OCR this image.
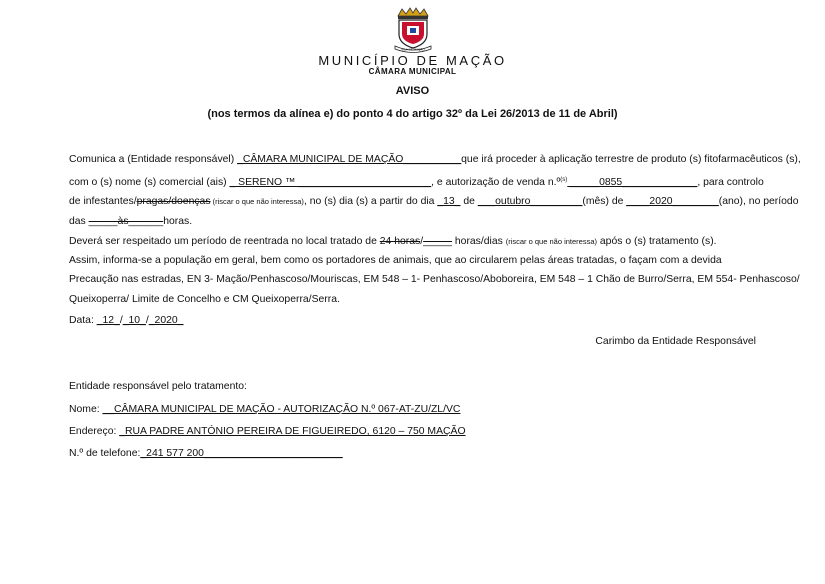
VILA DE MAÇÃO
MUNICÍPIO DE MAÇÃO
CÂMARA MUNICIPAL
AVISO
(nos termos da alínea e) do ponto 4 do artigo 32º da Lei 26/2013 de 11 de Abril)
Comunica a (Entidade responsável) _CÂMARA MUNICIPAL DE MAÇÃO__________que irá proceder à aplicação terrestre de produto (s) fitofarmacêuticos (s),
com o (s) nome (s) comercial (ais) _ SERENO ™ _______________________, e autorização de venda n.º$^{(s)}$ _____0855_____________, para controlo
de infestantes/pragas/doenças (riscar o que não interessa), no (s) dia (s) a partir do dia _13_ de ___outubro_________(mês) de ____2020________(ano), no período
das _____às______horas.
Deverá ser respeitado um período de reentrada no local tratado de 24 horas/_____ horas/dias (riscar o que não interessa) após o (s) tratamento (s).
Assim, informa-se a população em geral, bem como os portadores de animais, que ao circularem pelas áreas tratadas, o façam com a devida
Precaução nas estradas, EN 3- Mação/Penhascoso/Mouriscas, EM 548 – 1- Penhascoso/Aboboreira, EM 548 – 1 Chão de Burro/Serra, EM 554- Penhascoso/
Queixoperra/ Limite de Concelho e CM Queixoperra/Serra.
Data: _12_/_10_/_2020_
Carimbo da Entidade Responsável
Entidade responsável pelo tratamento:
Nome: __CÂMARA MUNICIPAL DE MAÇÃO - AUTORIZAÇÃO N.º 067-AT-ZU/ZL/VC
Endereço: _RUA PADRE ANTÓNIO PEREIRA DE FIGUEIREDO, 6120 – 750 MAÇÃO
N.º de telefone:_241 577 200________________________
